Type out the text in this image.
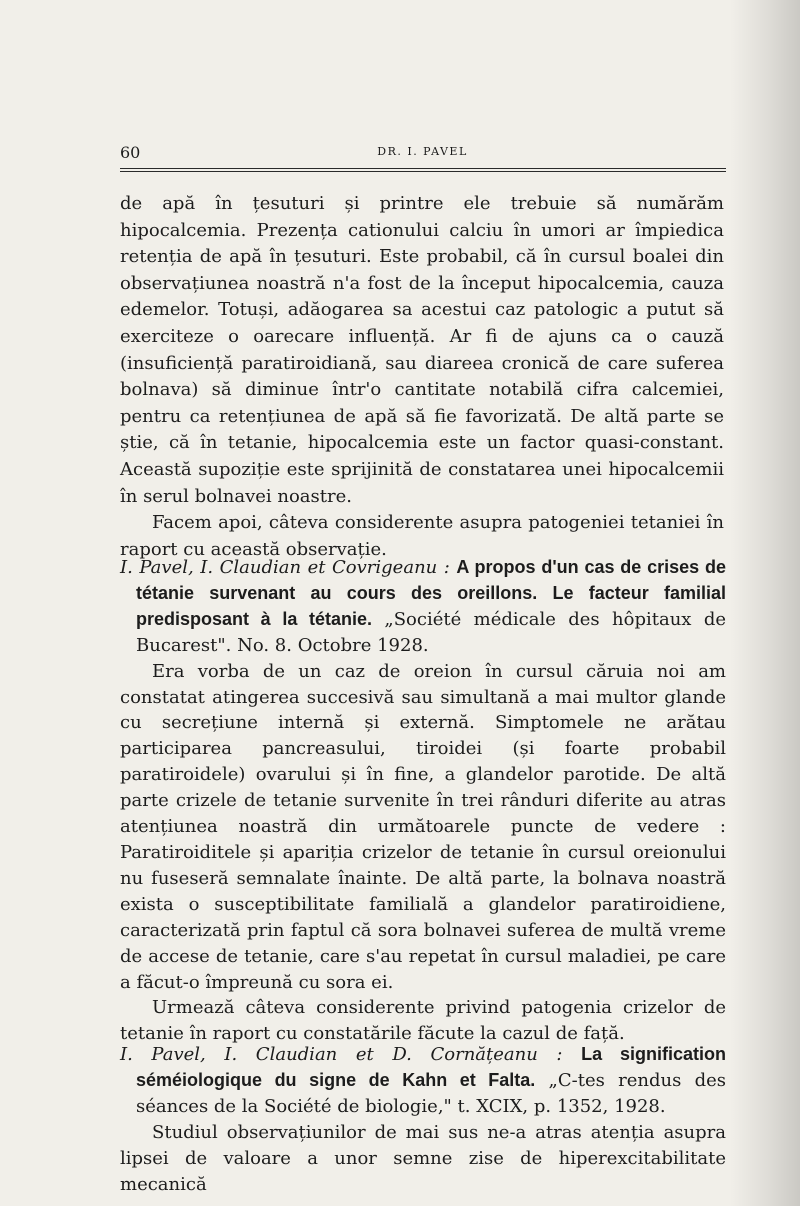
60	DR. I. PAVEL

de apă în țesuturi și printre ele trebuie să numărăm hipocalcemia. Prezența cationului calciu în umori ar împiedica retenția de apă în țesuturi. Este probabil, că în cursul boalei din observațiunea noastră n'a fost de la început hipocalcemia, cauza edemelor. Totuși, adăogarea sa acestui caz patologic a putut să exerciteze o oarecare influență. Ar fi de ajuns ca o cauză (insuficiență paratiroidiană, sau diareea cronică de care suferea bolnava) să diminue într'o cantitate notabilă cifra calcemiei, pentru ca retențiunea de apă să fie favorizată. De altă parte se știe, că în tetanie, hipocalcemia este un factor quasi-constant. Această supoziție este sprijinită de constatarea unei hipocalcemii în serul bolnavei noastre.

Facem apoi, câteva considerente asupra patogeniei tetaniei în raport cu această observație.

I. Pavel, I. Claudian et Covrigeanu : A propos d'un cas de crises de tétanie survenant au cours des oreillons. Le facteur familial predisposant à la tétanie. „Société médicale des hôpitaux de Bucarest". No. 8. Octobre 1928.

Era vorba de un caz de oreion în cursul căruia noi am constatat atingerea succesivă sau simultană a mai multor glande cu secrețiune internă și externă. Simptomele ne arătau participarea pancreasului, tiroidei (și foarte probabil paratiroidele) ovarului și în fine, a glandelor parotide. De altă parte crizele de tetanie survenite în trei rânduri diferite au atras atențiunea noastră din următoarele puncte de vedere : Paratiroiditele și apariția crizelor de tetanie în cursul oreionului nu fuseseră semnalate înainte. De altă parte, la bolnava noastră exista o susceptibilitate familială a glandelor paratiroidiene, caracterizată prin faptul că sora bolnavei suferea de multă vreme de accese de tetanie, care s'au repetat în cursul maladiei, pe care a făcut-o împreună cu sora ei.

Urmează câteva considerente privind patogenia crizelor de tetanie în raport cu constatările făcute la cazul de față.

I. Pavel, I. Claudian et D. Cornățeanu : La signification séméiologique du signe de Kahn et Falta. „C-tes rendus des séances de la Société de biologie," t. XCIX, p. 1352, 1928.

Studiul observațiunilor de mai sus ne-a atras atenția asupra lipsei de valoare a unor semne zise de hiperexcitabilitate mecanică
